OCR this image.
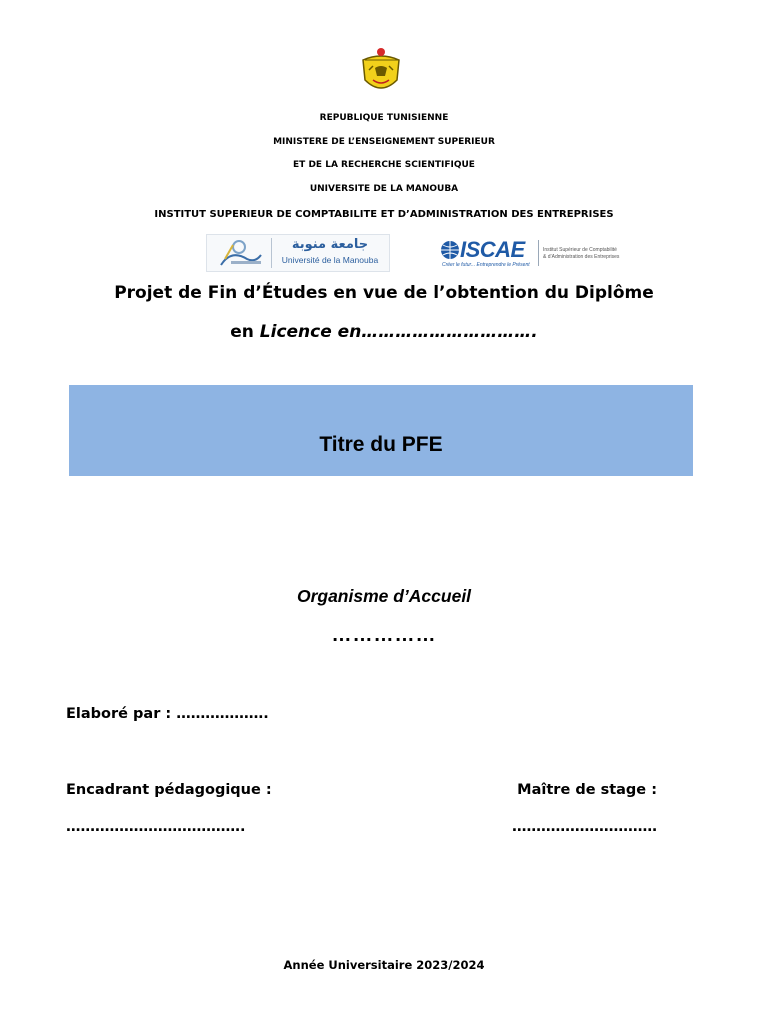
REPUBLIQUE TUNISIENNE
MINISTERE DE L’ENSEIGNEMENT SUPERIEUR
ET DE LA RECHERCHE SCIENTIFIQUE
UNIVERSITE DE LA MANOUBA
INSTITUT SUPERIEUR DE COMPTABILITE ET D’ADMINISTRATION DES ENTREPRISES
جامعة منوبة
Université de la Manouba	ISCAE
Créer le futur... Entreprendre le Présent
Institut Supérieur de Comptabilité
& d’Administration des Entreprises
Projet de Fin d’Études en vue de l’obtention du Diplôme
en Licence en………………………….
Titre du PFE
Organisme d’Accueil
……………
Elaboré par : ……………….
Encadrant pédagogique :
……………………………….
Maître de stage :
…………………………
Année Universitaire 2023/2024
